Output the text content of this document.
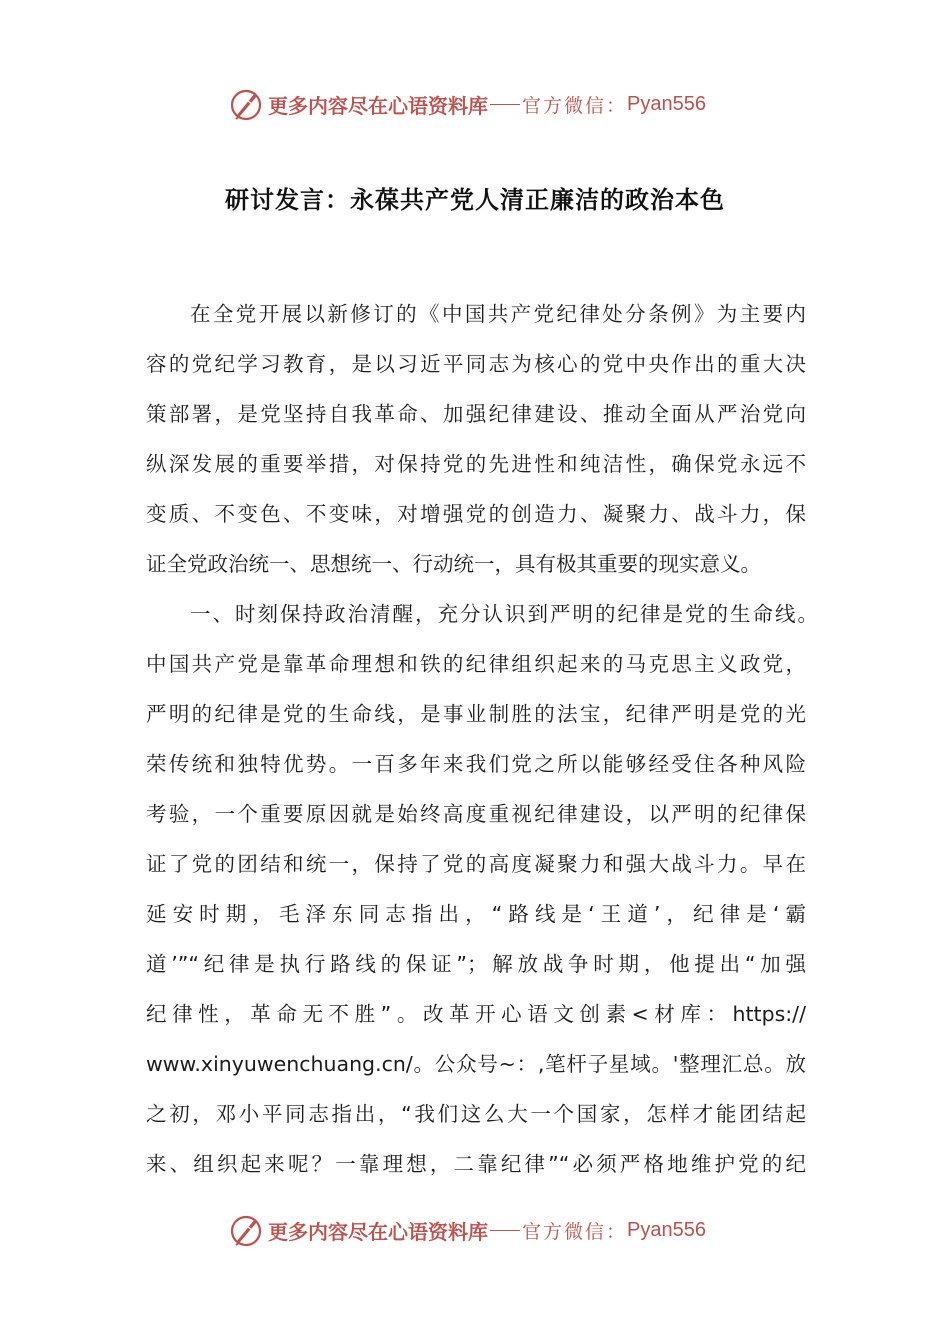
更多内容尽在心语资料库 官方微信： Pyan556
研讨发言：永葆共产党人清正廉洁的政治本色
在全党开展以新修订的《中国共产党纪律处分条例》为主要内
容的党纪学习教育，是以习近平同志为核心的党中央作出的重大决
策部署，是党坚持自我革命、加强纪律建设、推动全面从严治党向
纵深发展的重要举措，对保持党的先进性和纯洁性，确保党永远不
变质、不变色、不变味，对增强党的创造力、凝聚力、战斗力，保
证全党政治统一、思想统一、行动统一，具有极其重要的现实意义。
一、时刻保持政治清醒，充分认识到严明的纪律是党的生命线。
中国共产党是靠革命理想和铁的纪律组织起来的马克思主义政党，
严明的纪律是党的生命线，是事业制胜的法宝，纪律严明是党的光
荣传统和独特优势。一百多年来我们党之所以能够经受住各种风险
考验，一个重要原因就是始终高度重视纪律建设，以严明的纪律保
证了党的团结和统一，保持了党的高度凝聚力和强大战斗力。早在
延安时期，毛泽东同志指出，“路线是‘王道’，纪律是‘霸
道’”“纪律是执行路线的保证”；解放战争时期，他提出“加强
纪律性，革命无不胜”。改革开心语文创素<材库：https://
www.xinyuwenchuang.cn/。公众号~：,笔杆子星域。'整理汇总。放
之初，邓小平同志指出，“我们这么大一个国家，怎样才能团结起
来、组织起来呢？一靠理想，二靠纪律”“必须严格地维护党的纪
更多内容尽在心语资料库 官方微信： Pyan556
